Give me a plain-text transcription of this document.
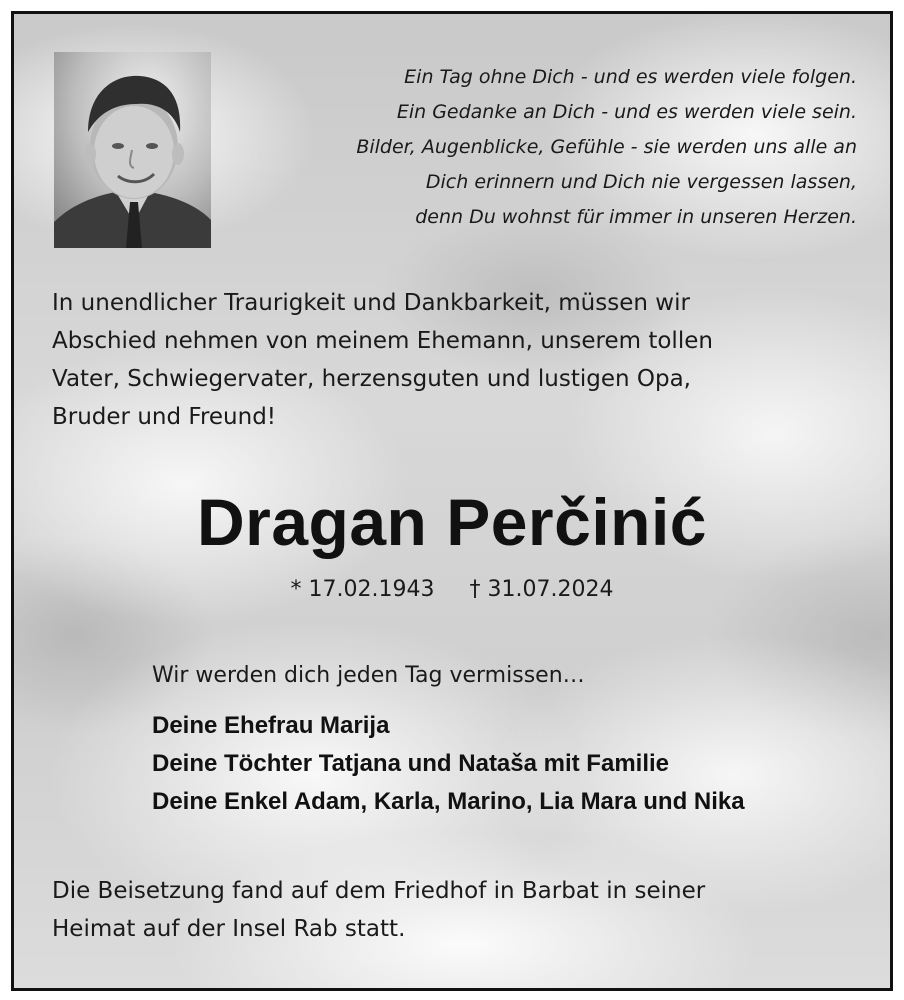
Ein Tag ohne Dich - und es werden viele folgen.
Ein Gedanke an Dich - und es werden viele sein.
Bilder, Augenblicke, Gefühle - sie werden uns alle an
Dich erinnern und Dich nie vergessen lassen,
denn Du wohnst für immer in unseren Herzen.
In unendlicher Traurigkeit und Dankbarkeit, müssen wir
Abschied nehmen von meinem Ehemann, unserem tollen
Vater, Schwiegervater, herzensguten und lustigen Opa,
Bruder und Freund!
Dragan Perčinić
* 17.02.1943 † 31.07.2024
Wir werden dich jeden Tag vermissen…
Deine Ehefrau Marija
Deine Töchter Tatjana und Nataša mit Familie
Deine Enkel Adam, Karla, Marino, Lia Mara und Nika
Die Beisetzung fand auf dem Friedhof in Barbat in seiner
Heimat auf der Insel Rab statt.
